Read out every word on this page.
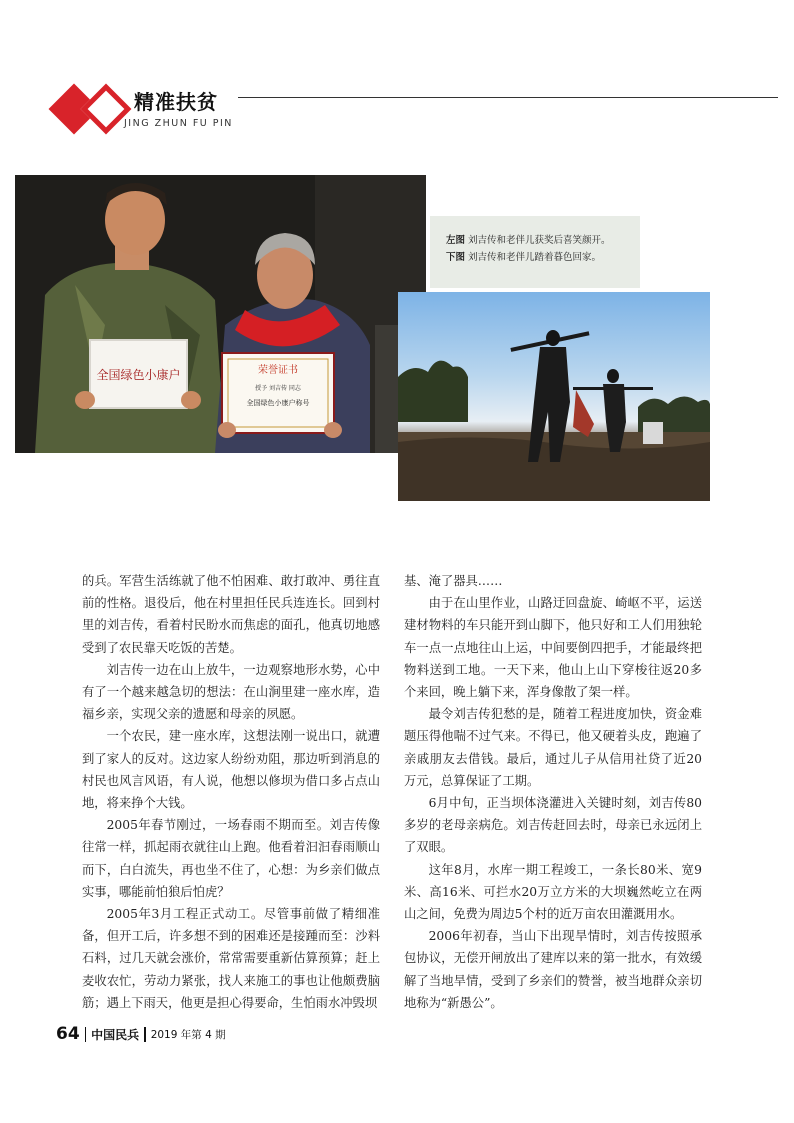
精准扶贫
JING ZHUN FU PIN
全国绿色小康户	荣誉证书
授予 刘吉传 同志
全国绿色小康户称号
左图 刘吉传和老伴儿获奖后喜笑颜开。
下图 刘吉传和老伴儿踏着暮色回家。

的兵。军营生活练就了他不怕困难、敢打敢冲、勇往直前的性格。退役后，他在村里担任民兵连连长。回到村里的刘吉传，看着村民盼水而焦虑的面孔，他真切地感受到了农民靠天吃饭的苦楚。

刘吉传一边在山上放牛，一边观察地形水势，心中有了一个越来越急切的想法：在山涧里建一座水库，造福乡亲，实现父亲的遗愿和母亲的夙愿。

一个农民，建一座水库，这想法刚一说出口，就遭到了家人的反对。这边家人纷纷劝阻，那边听到消息的村民也风言风语，有人说，他想以修坝为借口多占点山地，将来挣个大钱。

2005年春节刚过，一场春雨不期而至。刘吉传像往常一样，抓起雨衣就往山上跑。他看着汩汩春雨顺山而下，白白流失，再也坐不住了，心想：为乡亲们做点实事，哪能前怕狼后怕虎？

2005年3月工程正式动工。尽管事前做了精细准备，但开工后，许多想不到的困难还是接踵而至：沙料石料，过几天就会涨价，常常需要重新估算预算；赶上麦收农忙，劳动力紧张，找人来施工的事也让他颇费脑筋；遇上下雨天，他更是担心得要命，生怕雨水冲毁坝

基、淹了器具……

由于在山里作业，山路迂回盘旋、崎岖不平，运送建材物料的车只能开到山脚下，他只好和工人们用独轮车一点一点地往山上运，中间要倒四把手，才能最终把物料送到工地。一天下来，他山上山下穿梭往返20多个来回，晚上躺下来，浑身像散了架一样。

最令刘吉传犯愁的是，随着工程进度加快，资金难题压得他喘不过气来。不得已，他又硬着头皮，跑遍了亲戚朋友去借钱。最后，通过儿子从信用社贷了近20万元，总算保证了工期。

6月中旬，正当坝体浇灌进入关键时刻，刘吉传80多岁的老母亲病危。刘吉传赶回去时，母亲已永远闭上了双眼。

这年8月，水库一期工程竣工，一条长80米、宽9米、高16米、可拦水20万立方米的大坝巍然屹立在两山之间，免费为周边5个村的近万亩农田灌溉用水。

2006年初春，当山下出现旱情时，刘吉传按照承包协议，无偿开闸放出了建库以来的第一批水，有效缓解了当地旱情，受到了乡亲们的赞誉，被当地群众亲切地称为“新愚公”。

64 中国民兵 2019 年第 4 期
